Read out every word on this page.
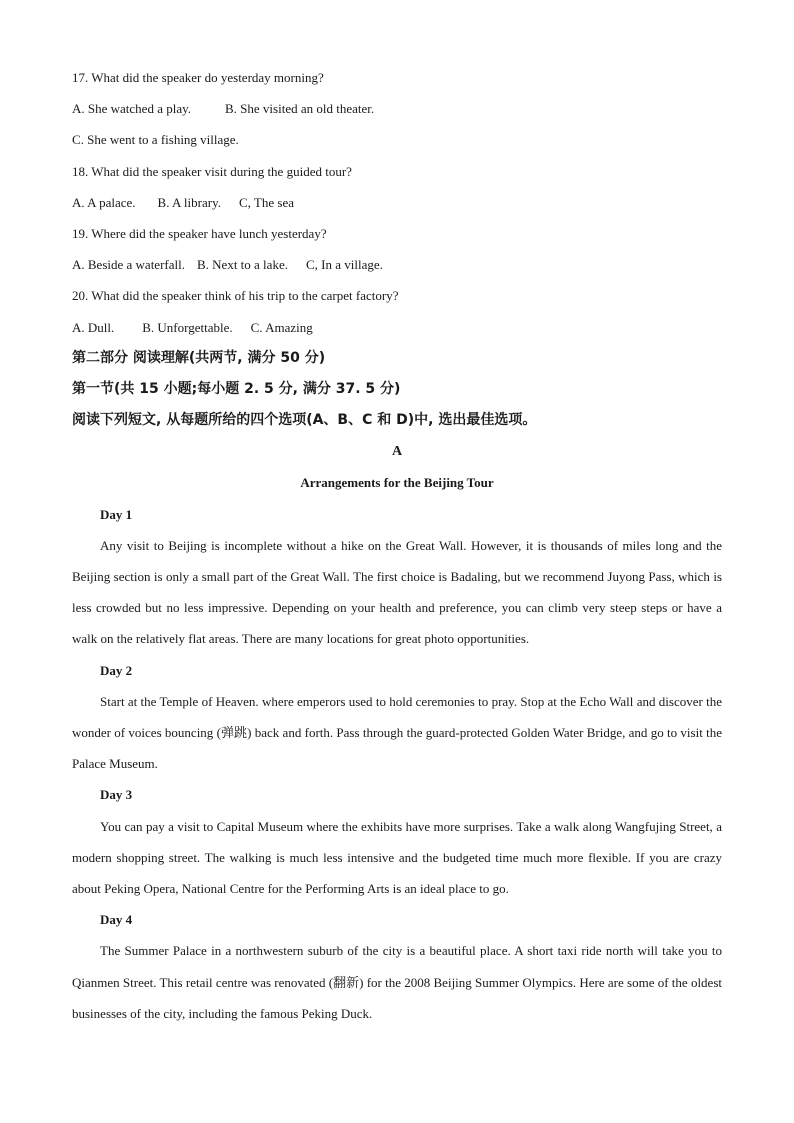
17. What did the speaker do yesterday morning?
A. She watched a play.	B. She visited an old theater.
C. She went to a fishing village.
18. What did the speaker visit during the guided tour?
A. A palace. B. A library. C, The sea
19. Where did the speaker have lunch yesterday?
A. Beside a waterfall. B. Next to a lake. C, In a village.
20. What did the speaker think of his trip to the carpet factory?
A. Dull. B. Unforgettable. C. Amazing
第二部分 阅读理解(共两节, 满分 50 分)
第一节(共 15 小题;每小题 2. 5 分, 满分 37. 5 分)
阅读下列短文, 从每题所给的四个选项(A、B、C 和 D)中, 选出最佳选项。
A
Arrangements for the Beijing Tour
Day 1

Any visit to Beijing is incomplete without a hike on the Great Wall. However, it is thousands of miles long and the Beijing section is only a small part of the Great Wall. The first choice is Badaling, but we recommend Juyong Pass, which is less crowded but no less impressive. Depending on your health and preference, you can climb very steep steps or have a walk on the relatively flat areas. There are many locations for great photo opportunities.

Day 2

Start at the Temple of Heaven. where emperors used to hold ceremonies to pray. Stop at the Echo Wall and discover the wonder of voices bouncing (弹跳) back and forth. Pass through the guard-protected Golden Water Bridge, and go to visit the Palace Museum.

Day 3

You can pay a visit to Capital Museum where the exhibits have more surprises. Take a walk along Wangfujing Street, a modern shopping street. The walking is much less intensive and the budgeted time much more flexible. If you are crazy about Peking Opera, National Centre for the Performing Arts is an ideal place to go.

Day 4

The Summer Palace in a northwestern suburb of the city is a beautiful place. A short taxi ride north will take you to Qianmen Street. This retail centre was renovated (翻新) for the 2008 Beijing Summer Olympics. Here are some of the oldest businesses of the city, including the famous Peking Duck.
